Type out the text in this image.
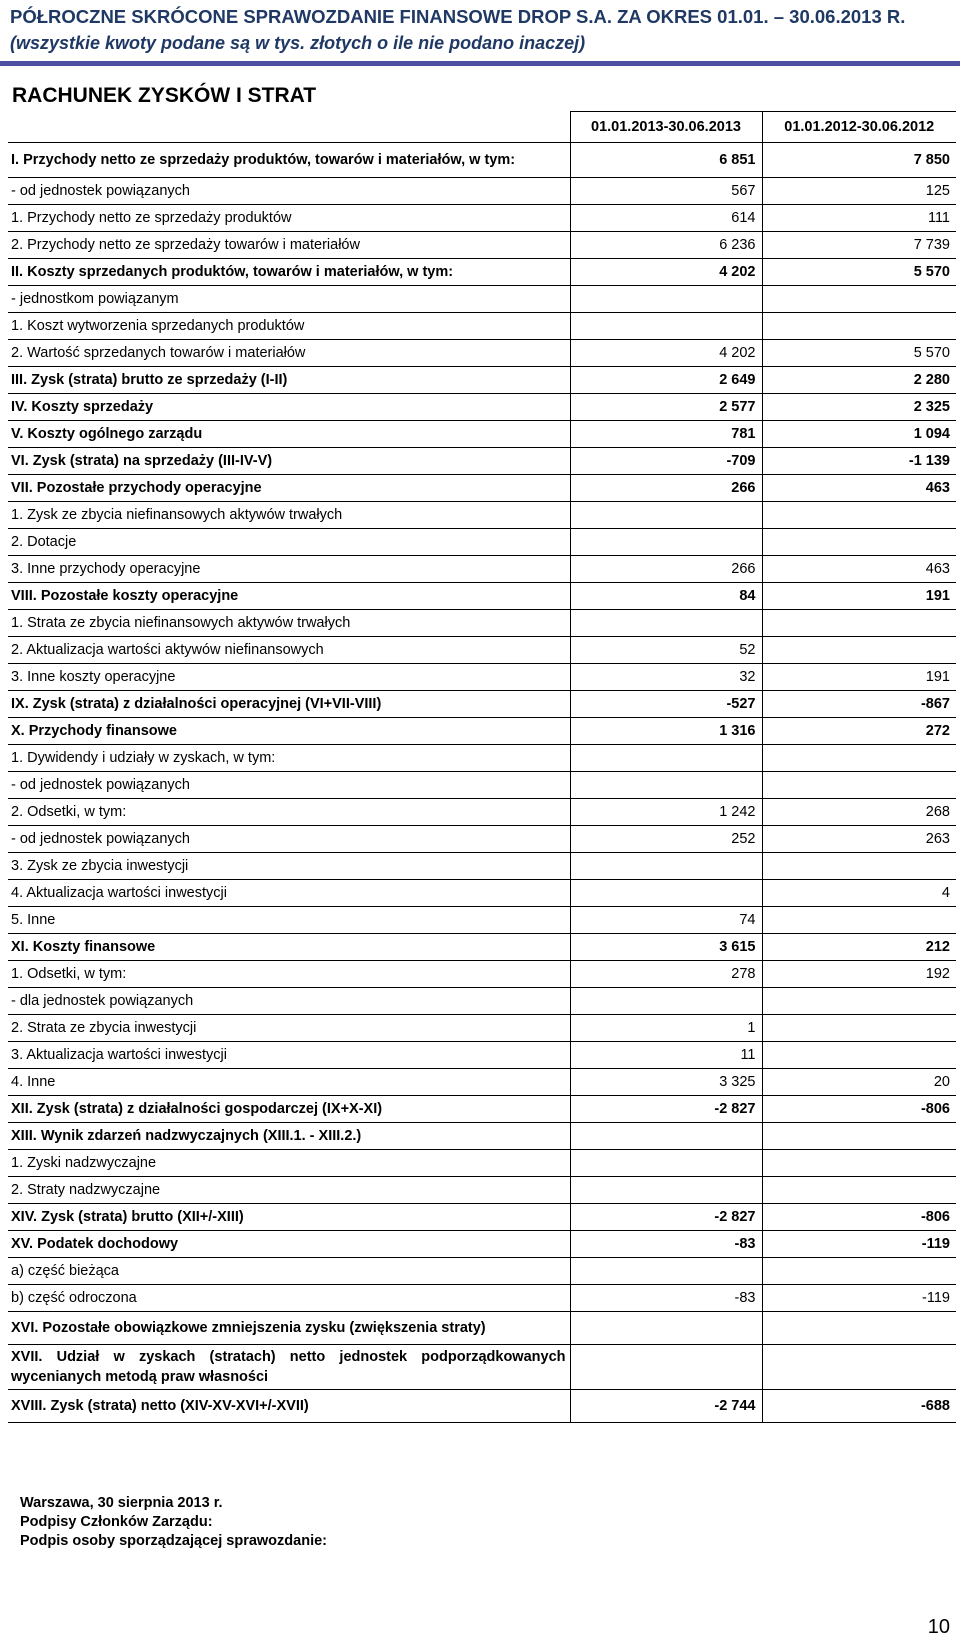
PÓŁROCZNE SKRÓCONE SPRAWOZDANIE FINANSOWE DROP S.A. ZA OKRES 01.01. – 30.06.2013 R.
(wszystkie kwoty podane są w tys. złotych o ile nie podano inaczej)
RACHUNEK ZYSKÓW I STRAT
	01.01.2013-30.06.2013	01.01.2012-30.06.2012
I. Przychody netto ze sprzedaży produktów, towarów i materiałów, w tym:	6 851	7 850
- od jednostek powiązanych	567	125
1. Przychody netto ze sprzedaży produktów	614	111
2. Przychody netto ze sprzedaży towarów i materiałów	6 236	7 739
II. Koszty sprzedanych produktów, towarów i materiałów, w tym:	4 202	5 570
- jednostkom powiązanym		
1. Koszt wytworzenia sprzedanych produktów		
2. Wartość sprzedanych towarów i materiałów	4 202	5 570
III. Zysk (strata) brutto ze sprzedaży (I-II)	2 649	2 280
IV. Koszty sprzedaży	2 577	2 325
V. Koszty ogólnego zarządu	781	1 094
VI. Zysk (strata) na sprzedaży (III-IV-V)	-709	-1 139
VII. Pozostałe przychody operacyjne	266	463
1. Zysk ze zbycia niefinansowych aktywów trwałych		
2. Dotacje		
3. Inne przychody operacyjne	266	463
VIII. Pozostałe koszty operacyjne	84	191
1. Strata ze zbycia niefinansowych aktywów trwałych		
2. Aktualizacja wartości aktywów niefinansowych	52	
3. Inne koszty operacyjne	32	191
IX. Zysk (strata) z działalności operacyjnej (VI+VII-VIII)	-527	-867
X. Przychody finansowe	1 316	272
1. Dywidendy i udziały w zyskach, w tym:		
- od jednostek powiązanych		
2. Odsetki, w tym:	1 242	268
- od jednostek powiązanych	252	263
3. Zysk ze zbycia inwestycji		
4. Aktualizacja wartości inwestycji		4
5. Inne	74	
XI. Koszty finansowe	3 615	212
1. Odsetki, w tym:	278	192
- dla jednostek powiązanych		
2. Strata ze zbycia inwestycji	1	
3. Aktualizacja wartości inwestycji	11	
4. Inne	3 325	20
XII. Zysk (strata) z działalności gospodarczej (IX+X-XI)	-2 827	-806
XIII. Wynik zdarzeń nadzwyczajnych (XIII.1. - XIII.2.)		
1. Zyski nadzwyczajne		
2. Straty nadzwyczajne		
XIV. Zysk (strata) brutto (XII+/-XIII)	-2 827	-806
XV. Podatek dochodowy	-83	-119
a) część bieżąca		
b) część odroczona	-83	-119
XVI. Pozostałe obowiązkowe zmniejszenia zysku (zwiększenia straty)		
XVII. Udział w zyskach (stratach) netto jednostek podporządkowanych wycenianych metodą praw własności		
XVIII. Zysk (strata) netto (XIV-XV-XVI+/-XVII)	-2 744	-688
Warszawa, 30 sierpnia 2013 r.
Podpisy Członków Zarządu:
Podpis osoby sporządzającej sprawozdanie:
10
